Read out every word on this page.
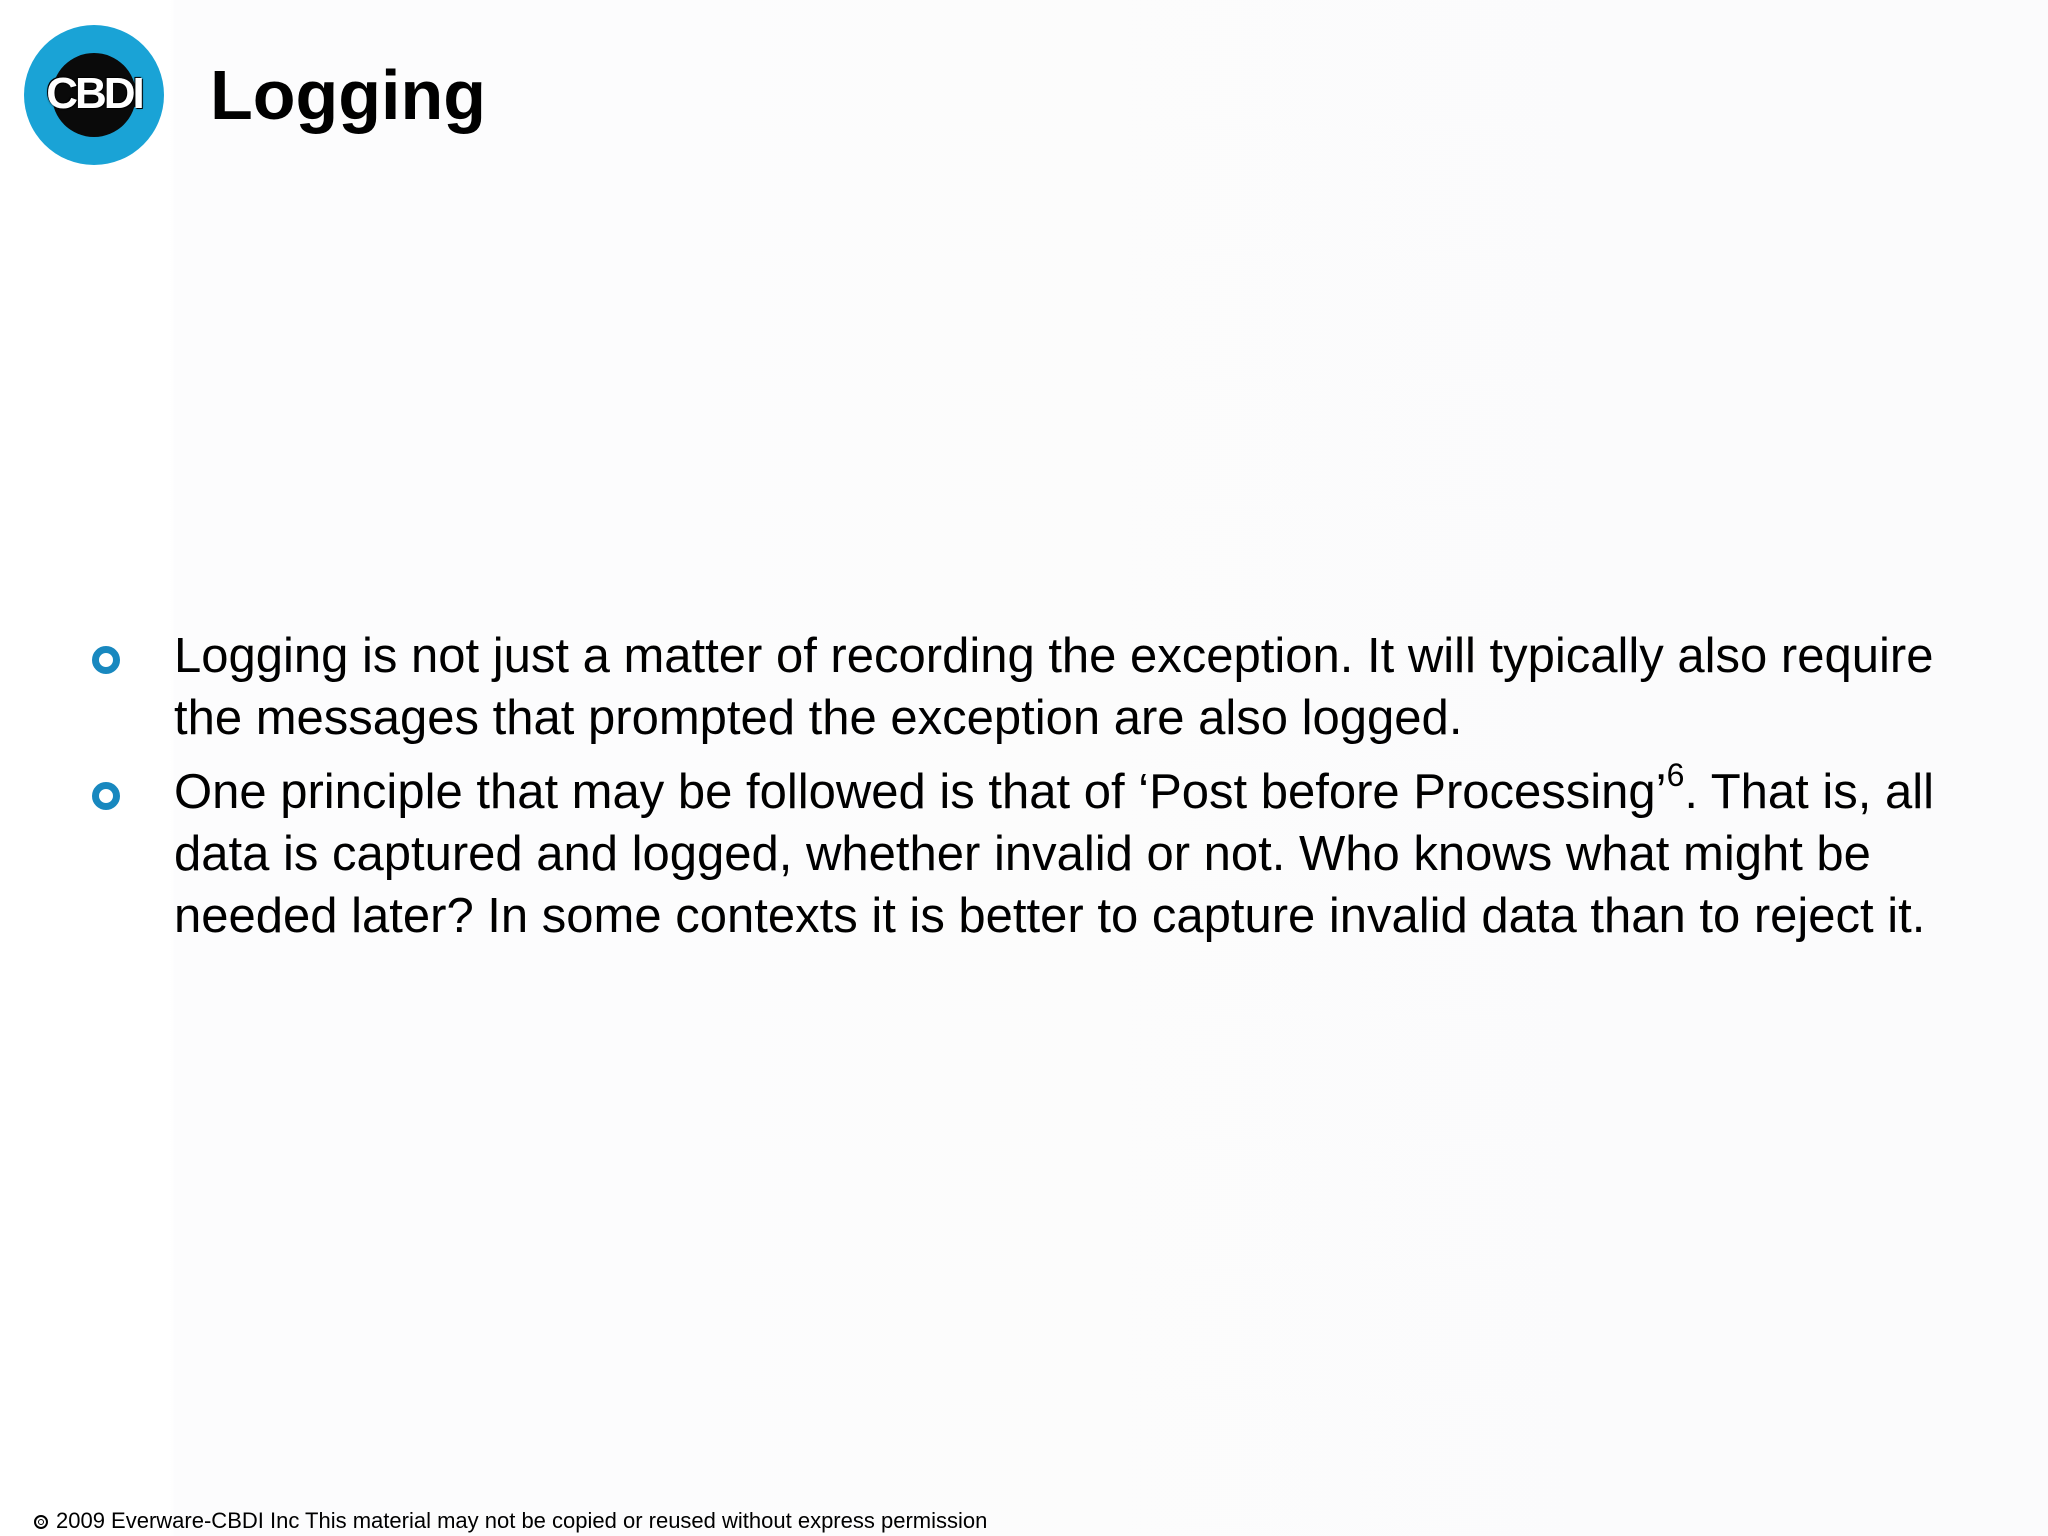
CBDI Logging
Logging is not just a matter of recording the exception. It will typically also require the messages that prompted the exception are also logged.
One principle that may be followed is that of ‘Post before Processing’$^6$. That is, all data is captured and logged, whether invalid or not. Who knows what might be needed later? In some contexts it is better to capture invalid data than to reject it.
2009 Everware-CBDI Inc This material may not be copied or reused without express permission
